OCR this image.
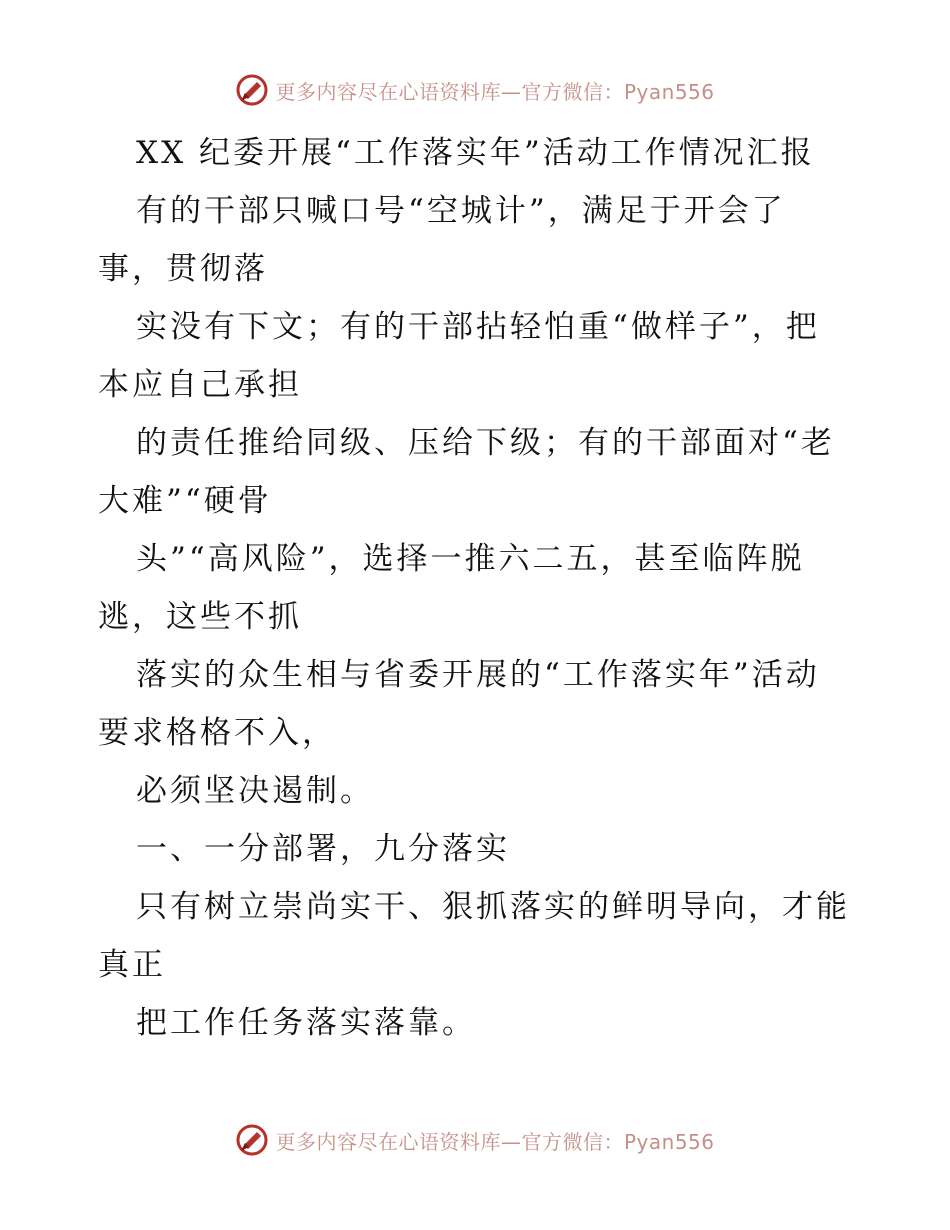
更多内容尽在心语资料库—官方微信：Pyan556
XX 纪委开展“工作落实年”活动工作情况汇报
有的干部只喊口号“空城计”，满足于开会了
事，贯彻落
实没有下文；有的干部拈轻怕重“做样子”，把
本应自己承担
的责任推给同级、压给下级；有的干部面对“老
大难”“硬骨
头”“高风险”，选择一推六二五，甚至临阵脱
逃，这些不抓
落实的众生相与省委开展的“工作落实年”活动
要求格格不入，
必须坚决遏制。
一、一分部署，九分落实
只有树立崇尚实干、狠抓落实的鲜明导向，才能
真正
把工作任务落实落靠。
更多内容尽在心语资料库—官方微信：Pyan556
